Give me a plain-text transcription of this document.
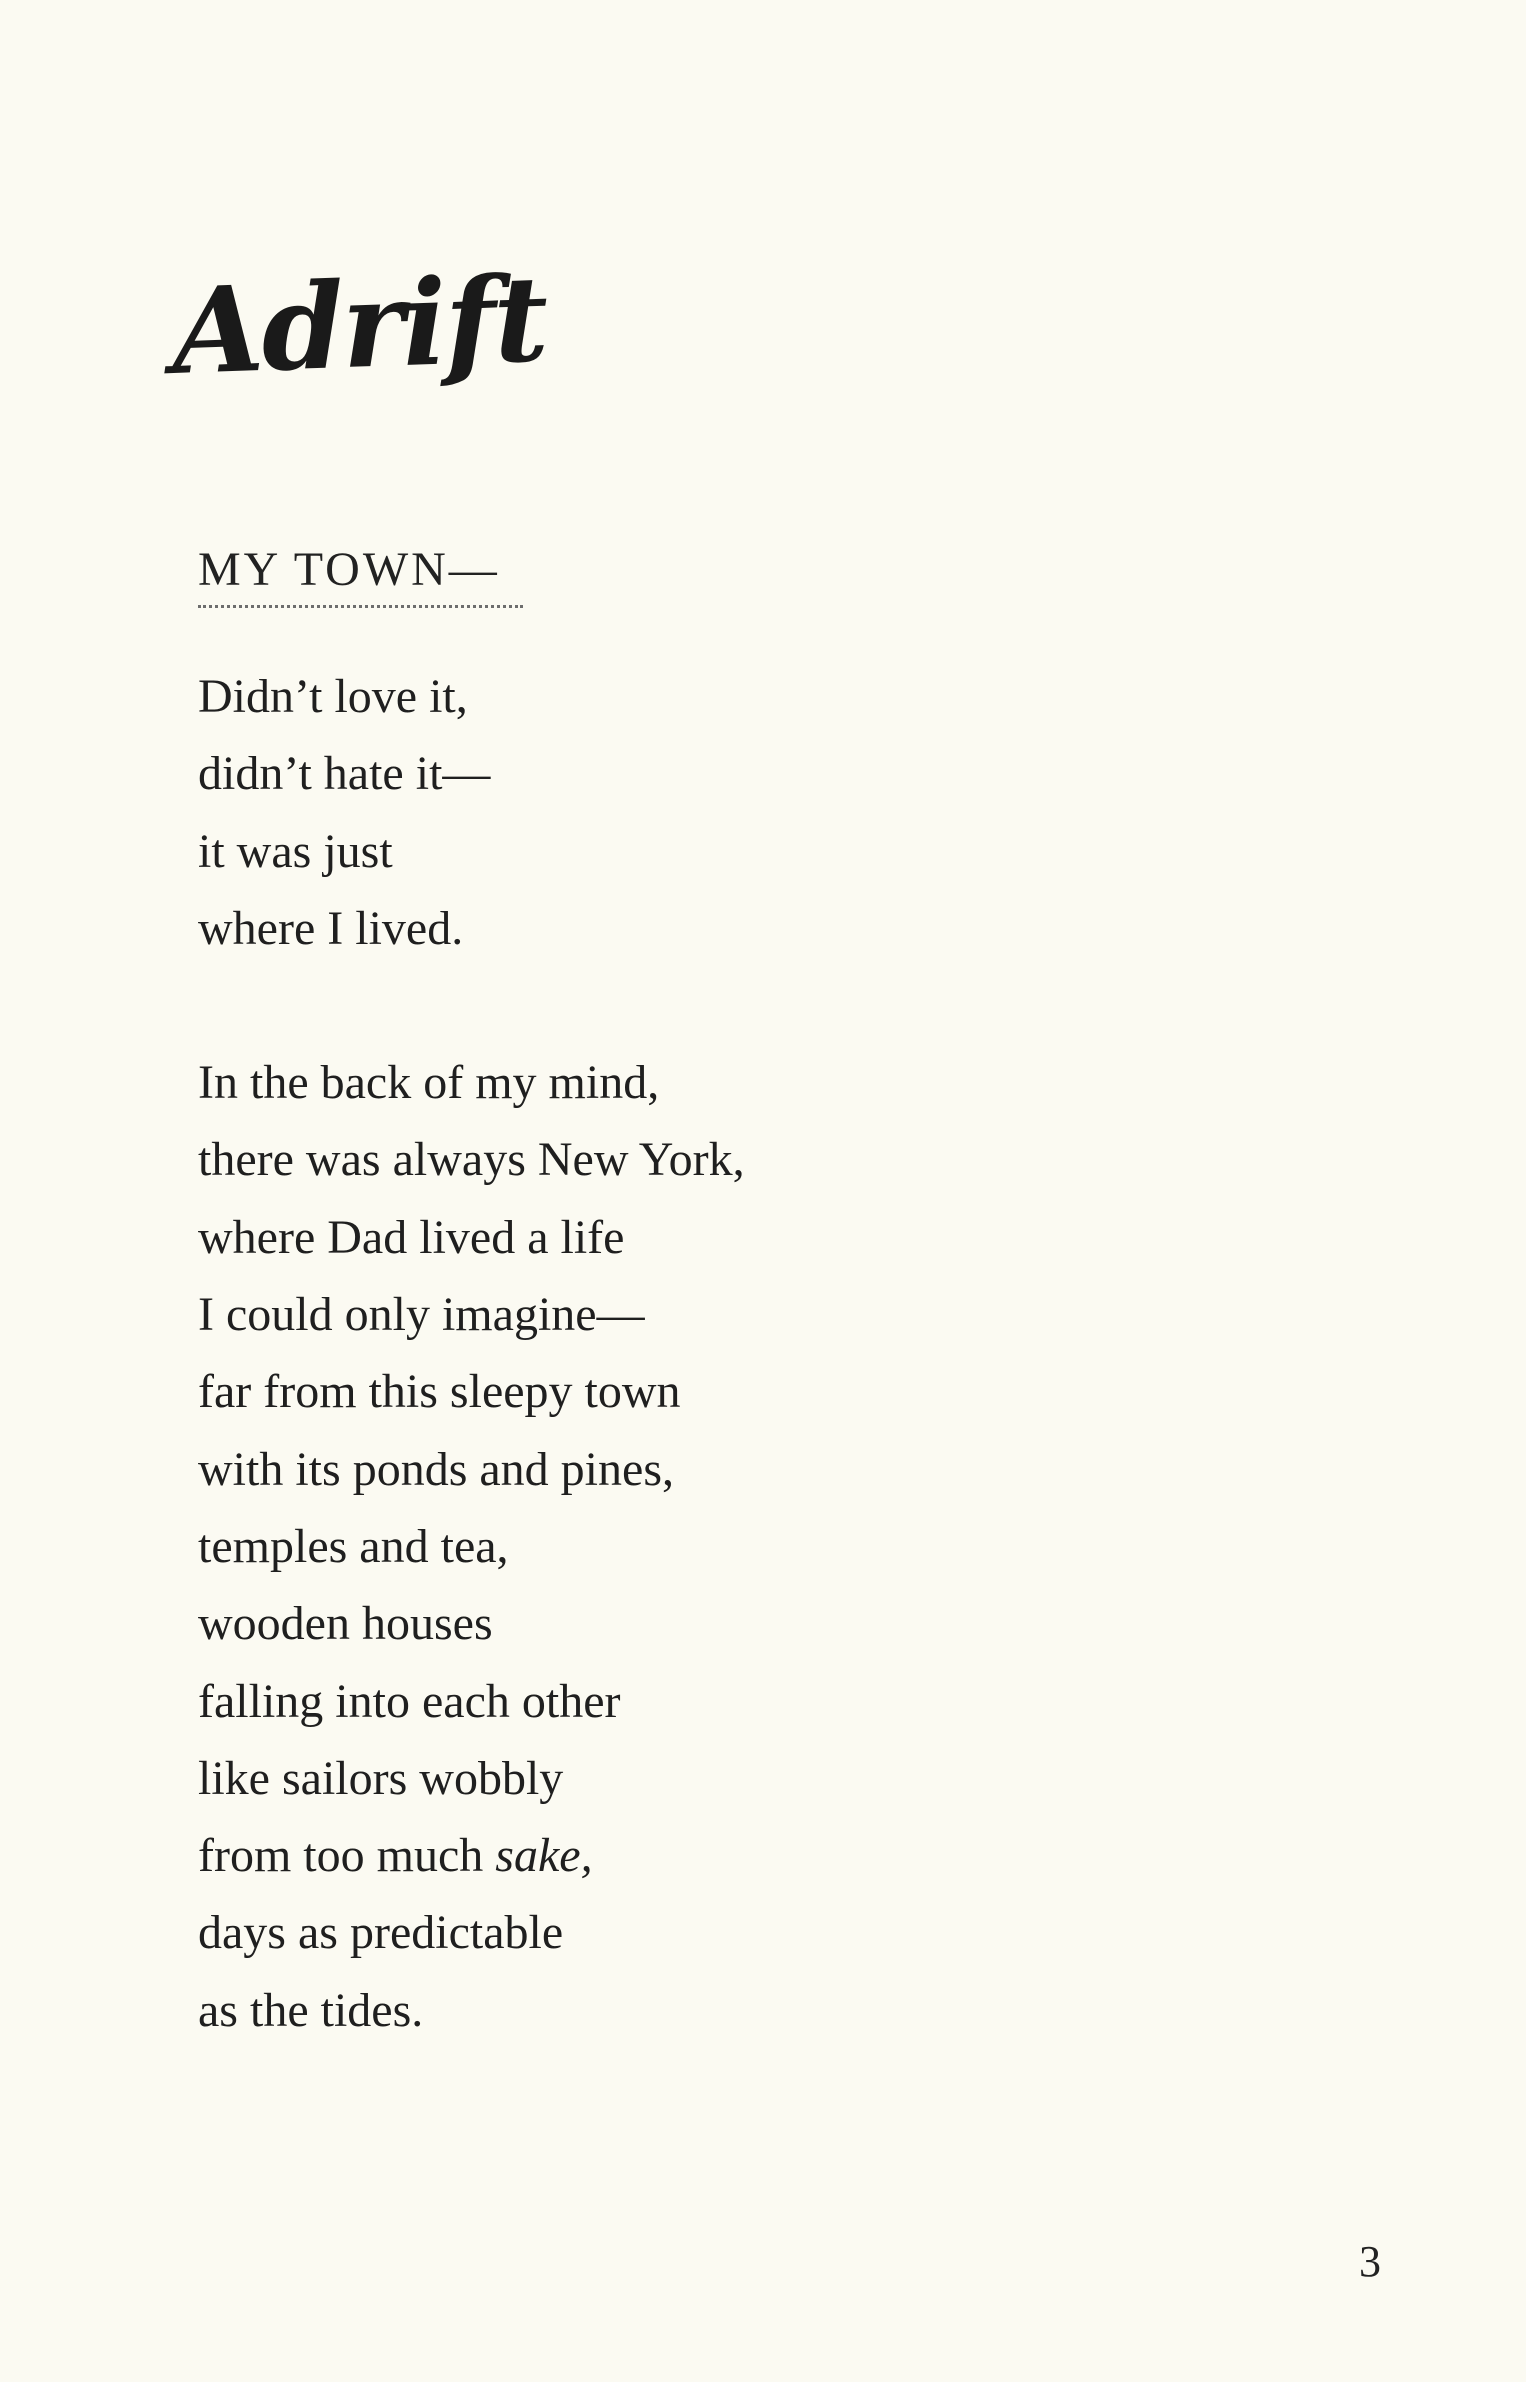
Adrift
MY TOWN—
Didn’t love it,
didn’t hate it—
it was just
where I lived.
In the back of my mind,
there was always New York,
where Dad lived a life
I could only imagine—
far from this sleepy town
with its ponds and pines,
temples and tea,
wooden houses
falling into each other
like sailors wobbly
from too much sake,
days as predictable
as the tides.
3
